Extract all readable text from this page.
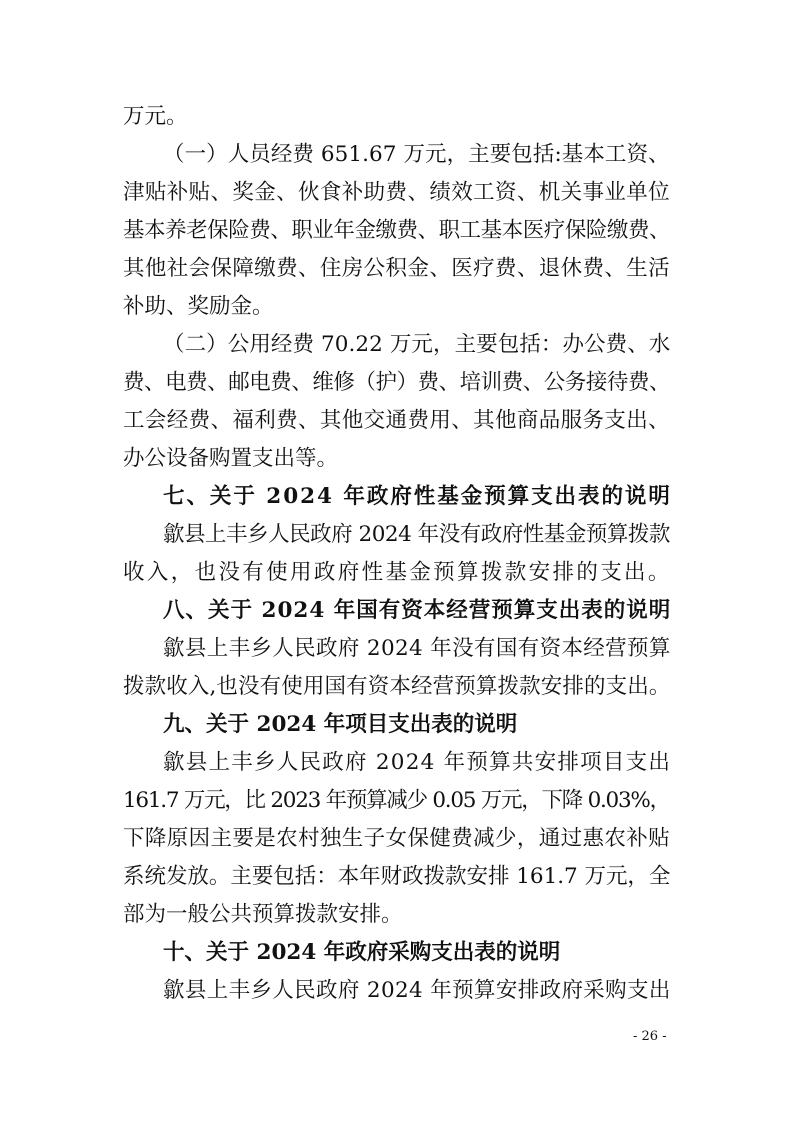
万元。
（一）人员经费 651.67 万元，主要包括:基本工资、
津贴补贴、奖金、伙食补助费、绩效工资、机关事业单位
基本养老保险费、职业年金缴费、职工基本医疗保险缴费、
其他社会保障缴费、住房公积金、医疗费、退休费、生活
补助、奖励金。
（二）公用经费 70.22 万元，主要包括：办公费、水
费、电费、邮电费、维修（护）费、培训费、公务接待费、
工会经费、福利费、其他交通费用、其他商品服务支出、
办公设备购置支出等。
七、关于 2024 年政府性基金预算支出表的说明
歙县上丰乡人民政府 2024 年没有政府性基金预算拨款
收入，也没有使用政府性基金预算拨款安排的支出。
八、关于 2024 年国有资本经营预算支出表的说明
歙县上丰乡人民政府 2024 年没有国有资本经营预算
拨款收入,也没有使用国有资本经营预算拨款安排的支出。
九、关于 2024 年项目支出表的说明
歙县上丰乡人民政府 2024 年预算共安排项目支出
161.7 万元，比 2023 年预算减少 0.05 万元，下降 0.03%，
下降原因主要是农村独生子女保健费减少，通过惠农补贴
系统发放。主要包括：本年财政拨款安排 161.7 万元，全
部为一般公共预算拨款安排。
十、关于 2024 年政府采购支出表的说明
歙县上丰乡人民政府 2024 年预算安排政府采购支出
- 26 -
